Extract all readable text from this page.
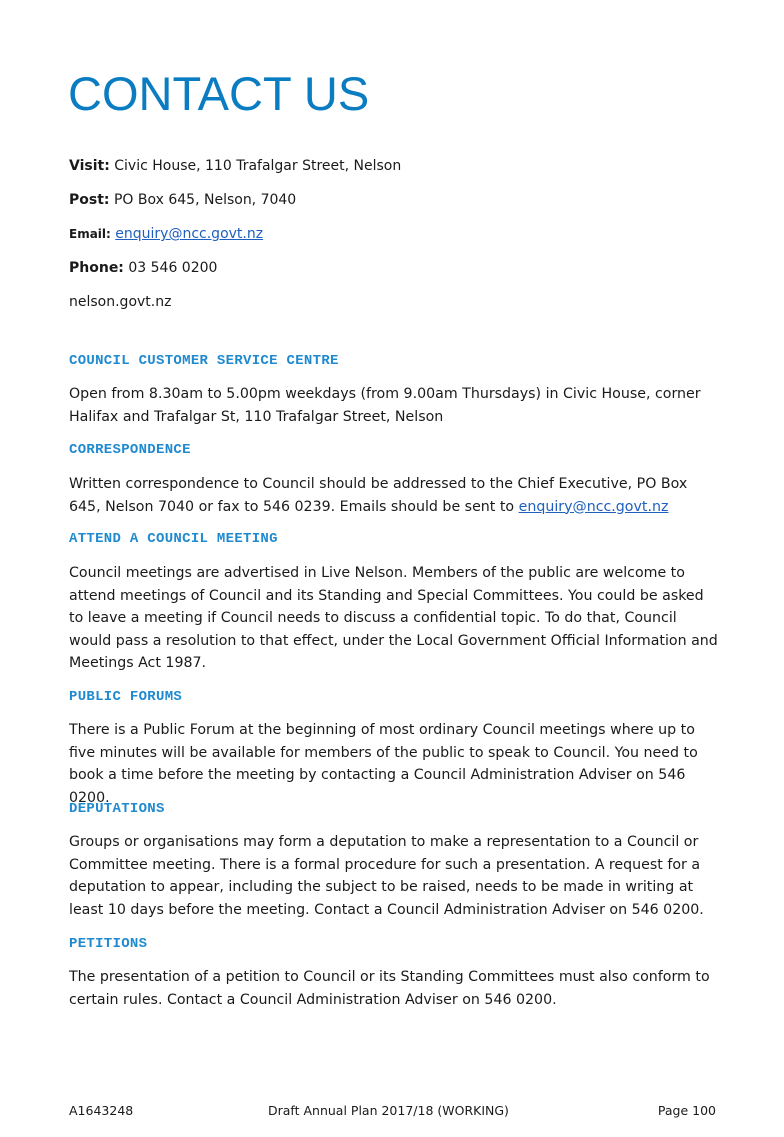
CONTACT US

Visit: Civic House, 110 Trafalgar Street, Nelson

Post: PO Box 645, Nelson, 7040

Email: enquiry@ncc.govt.nz

Phone: 03 546 0200

nelson.govt.nz

COUNCIL CUSTOMER SERVICE CENTRE

Open from 8.30am to 5.00pm weekdays (from 9.00am Thursdays) in Civic House, corner Halifax and Trafalgar St, 110 Trafalgar Street, Nelson

CORRESPONDENCE

Written correspondence to Council should be addressed to the Chief Executive, PO Box 645, Nelson 7040 or fax to 546 0239. Emails should be sent to enquiry@ncc.govt.nz

ATTEND A COUNCIL MEETING

Council meetings are advertised in Live Nelson. Members of the public are welcome to attend meetings of Council and its Standing and Special Committees. You could be asked to leave a meeting if Council needs to discuss a confidential topic. To do that, Council would pass a resolution to that effect, under the Local Government Official Information and Meetings Act 1987.

PUBLIC FORUMS

There is a Public Forum at the beginning of most ordinary Council meetings where up to five minutes will be available for members of the public to speak to Council. You need to book a time before the meeting by contacting a Council Administration Adviser on 546 0200.

DEPUTATIONS

Groups or organisations may form a deputation to make a representation to a Council or Committee meeting. There is a formal procedure for such a presentation. A request for a deputation to appear, including the subject to be raised, needs to be made in writing at least 10 days before the meeting. Contact a Council Administration Adviser on 546 0200.

PETITIONS

The presentation of a petition to Council or its Standing Committees must also conform to certain rules. Contact a Council Administration Adviser on 546 0200.

A1643248	Draft Annual Plan 2017/18 (WORKING)	Page 100
